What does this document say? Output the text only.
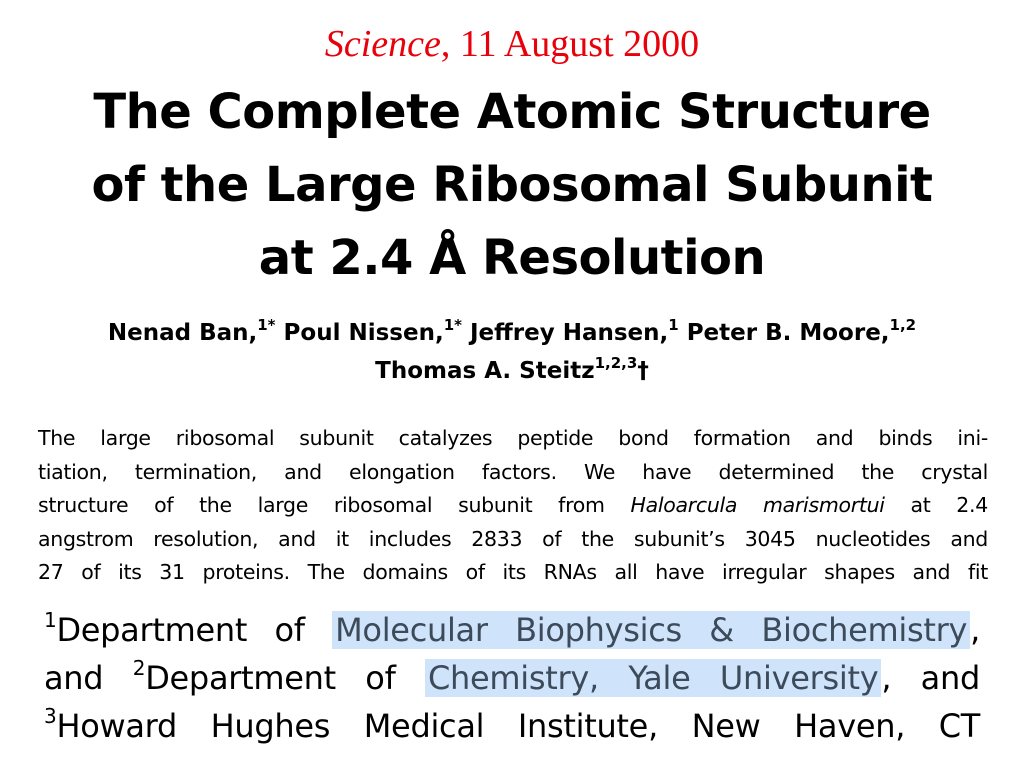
Science, 11 August 2000
The Complete Atomic Structure
of the Large Ribosomal Subunit
at 2.4 Å Resolution
Nenad Ban,$^{1*}$ Poul Nissen,$^{1*}$ Jeffrey Hansen,$^1$ Peter B. Moore,$^{1,2}$
Thomas A. Steitz$^{1,2,3}$†
The large ribosomal subunit catalyzes peptide bond formation and binds ini-
tiation, termination, and elongation factors. We have determined the crystal
structure of the large ribosomal subunit from Haloarcula marismortui at 2.4
angstrom resolution, and it includes 2833 of the subunit’s 3045 nucleotides and
27 of its 31 proteins. The domains of its RNAs all have irregular shapes and fit
$^1$Department of Molecular Biophysics & Biochemistry,
and $^2$Department of Chemistry, Yale University, and
$^3$Howard Hughes Medical Institute, New Haven, CT
